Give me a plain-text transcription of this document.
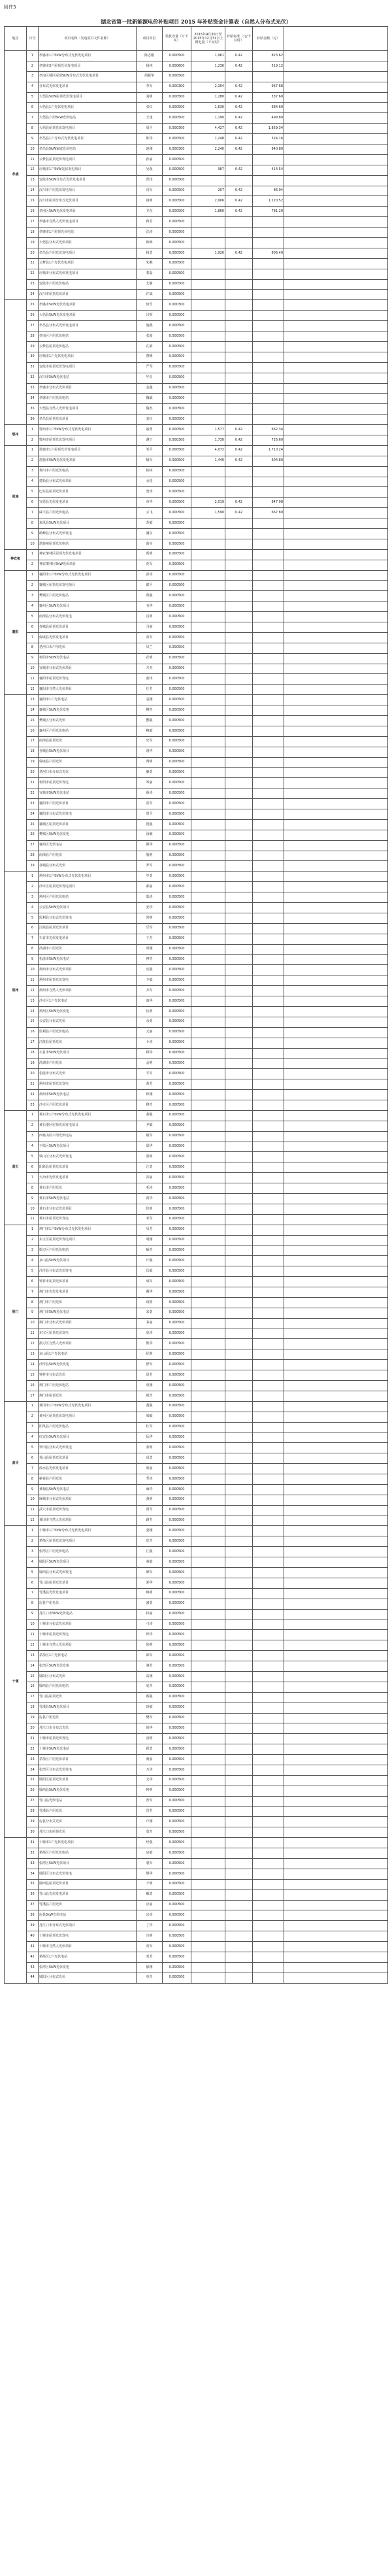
附件3
湖北省第一批新能源电价补贴项目 2015 年补贴资金计算表（自然人分布式光伏）
地区	序号	项目名称（发电项目文件名称）	项目单位	装机容量（万千瓦）	2015年4月30日至2015年12月31日上网电量（千瓦时）	补贴标准（元/千瓦时）	补贴金额（元）	
孝感	1	孝感市1户5kW分布式光伏发电项目	陈志刚	0.000500	1,961	0.42	823.62	
	2	孝感市3户屋顶光伏发电项目	杨林	0.000600	1,236	0.42	519.12	
	3	孝南区城区屋顶5kW分布式光伏发电项目	胡振华	0.000500				
	4	分布式光伏发电项目	李军	0.000300	2,304	0.42	967.68	
	5	大悟县5kW屋顶光伏发电项目	刘明	0.000500	1,280	0.42	537.60	
	6	大悟县1户光伏发电项目	张红	0.000500	1,630	0.42	684.60	
	7	大悟县户用5kW光伏电站	王建	0.000500	1,190	0.42	499.80	
	8	大悟县屋顶光伏发电项目	周平	0.000300	4,427	0.42	1,859.34	
	9	孝昌县1户分布式光伏发电项目	陈华	0.000500	1,248	0.42	524.16	
	10	孝昌县5kW家庭光伏电站	赵刚	0.000300	2,240	0.42	940.80	
	11	云梦县屋顶光伏发电项目	孙丽	0.000500				
	12	应城市1户5kW光伏发电项目	吴强	0.000500	987	0.42	414.54	
	13	安陆市5kW分布式光伏发电项目	郑伟	0.000500				
	14	汉川市户用光伏发电项目	冯军	0.000500	207	0.42	86.94	
	15	汉川市屋顶分布式光伏项目	褚明	0.000500	2,906	0.42	1,220.52	
	16	孝南区5kW光伏发电项目	卫东	0.000500	1,860	0.42	781.20	
	17	孝感市自然人光伏发电项目	蒋芳	0.000500				
	18	孝感市1户屋顶光伏电站	沈涛	0.000500				
	19	大悟县分布式光伏项目	韩梅	0.000500				
	20	孝昌县户用光伏发电项目	杨勇	0.000500	1,920	0.42	806.40	
	21	云梦县1户光伏发电项目	朱琳	0.000500				
	22	应城市分布式光伏发电项目	秦磊	0.000500				
	23	安陆市户用光伏电站	尤静	0.000500				
	24	汉川市屋顶光伏项目	许斌	0.000500				
	25	孝感市5kW光伏发电项目	何雪	0.000300				
	26	大悟县5kW光伏发电项目	吕辉	0.000500				
	27	孝昌县分布式光伏发电项目	施燕	0.000500				
	28	孝南区户用光伏电站	张超	0.000500				
	29	云梦县屋顶光伏电站	孔娟	0.000500				
	30	应城市1户光伏发电项目	曹峰	0.000500				
	31	安陆市屋顶光伏发电项目	严琴	0.000500				
	32	汉川市5kW光伏电站	华亮	0.000500				
	33	孝感市分布式光伏项目	金鑫	0.000500				
	34	孝感市户用光伏电站	魏敏	0.000500				
	35	大悟县自然人光伏发电项目	陶杰	0.000500				
	36	孝昌县屋顶光伏项目	姜红	0.000500				
鄂州	1	鄂州市1户5kW分布式光伏发电项目	戚勇	0.000500	1,577	0.42	662.34	
	2	鄂州市屋顶光伏发电项目	谢宁	0.000300	1,730	0.42	726.60	
恩施	1	恩施市1户屋顶光伏发电项目	邹平	0.000500	4,072	0.42	1,710.24	
	2	恩施市5kW光伏发电项目	喻军	0.000500	1,440	0.42	604.80	
	3	利川市户用光伏电站	柏林	0.000500				
	4	建始县分布式光伏项目	水莲	0.000500				
	5	巴东县屋顶光伏项目	窦涛	0.000500				
	6	宣恩县光伏发电项目	章华	0.000500	2,019	0.42	847.98	
	7	咸丰县户用光伏电站	云飞	0.000500	1,590	0.42	667.80	
	8	来凤县5kW光伏项目	苏敏	0.000500				
	9	鹤峰县分布式光伏发电	潘东	0.000500				
	10	恩施州屋顶光伏电站	葛亮	0.000500				
神农架	1	神农架林区屋顶光伏发电项目	奚明	0.000500				
	2	神农架林区5kW光伏项目	范军	0.000500				
襄阳	1	襄阳市1户5kW分布式光伏发电项目	彭涛	0.000500				
	2	襄城区屋顶光伏发电项目	郎平	0.000500				
	3	樊城区户用光伏电站	鲁强	0.000500				
	4	襄州区5kW光伏项目	韦华	0.000500				
	5	南漳县分布式光伏发电	昌明	0.000500				
	6	谷城县屋顶光伏项目	马丽	0.000500				
	7	保康县光伏发电项目	苗军	0.000500				
	8	老河口市户用光伏	凤兰	0.000500				
	9	枣阳市5kW光伏电站	花明	0.000500				
	10	宜城市分布式光伏项目	方杰	0.000500				
	11	襄阳市屋顶光伏发电	俞伟	0.000500				
	12	襄阳市自然人光伏项目	任芳	0.000500				
	13	襄阳市1户光伏电站	袁刚	0.000500				
	14	襄城区5kW光伏发电	柳青	0.000500				
	15	樊城区分布式光伏	酆强	0.000500				
	16	襄州区户用光伏电站	鲍敏	0.000500				
	17	南漳县屋顶光伏	史军	0.000500				
	18	谷城县5kW光伏项目	唐华	0.000500				
	19	保康县户用光伏	费明	0.000500				
	20	老河口市分布式光伏	廉勇	0.000500				
	21	枣阳市屋顶光伏发电	岑丽	0.000500				
	22	宜城市5kW光伏电站	薛涛	0.000500				
	23	襄阳市户用光伏项目	雷军	0.000500				
	24	襄阳市分布式光伏发电	贺平	0.000500				
	25	襄城区屋顶光伏项目	倪强	0.000500				
	26	樊城区5kW光伏发电	汤敏	0.000500				
	27	襄州区光伏电站	滕华	0.000500				
	28	南漳县户用光伏	殷明	0.000500				
	29	谷城县分布式光伏	罗军	0.000500				
荆州	1	荆州市1户5kW分布式光伏发电项目	毕勇	0.000500				
	2	沙市区屋顶光伏发电项目	郝丽	0.000500				
	3	荆州区户用光伏电站	邬涛	0.000500				
	4	公安县5kW光伏项目	安华	0.000500				
	5	监利县分布式光伏发电	常明	0.000500				
	6	江陵县屋顶光伏项目	乐军	0.000500				
	7	石首市光伏发电项目	于芳	0.000500				
	8	洪湖市户用光伏	时刚	0.000500				
	9	松滋市5kW光伏电站	傅青	0.000500				
	10	荆州市分布式光伏项目	皮强	0.000500				
	11	荆州市屋顶光伏发电	卞敏	0.000500				
	12	荆州市自然人光伏项目	齐军	0.000500				
	13	沙市区1户光伏电站	康华	0.000500				
	14	荆州区5kW光伏发电	伍明	0.000500				
	15	公安县分布式光伏	余勇	0.000500				
	16	监利县户用光伏电站	元丽	0.000500				
	17	江陵县屋顶光伏	卜涛	0.000500				
	18	石首市5kW光伏项目	顾华	0.000500				
	19	洪湖市户用光伏	孟明	0.000500				
	20	松滋市分布式光伏	平军	0.000500				
	21	荆州市屋顶光伏发电	黄芳	0.000500				
	22	荆州市5kW光伏电站	和刚	0.000500				
	23	沙市区户用光伏项目	穆青	0.000500				
黄石	1	黄石市1户5kW分布式光伏发电项目	萧强	0.000500				
	2	黄石港区屋顶光伏发电项目	尹敏	0.000500				
	3	西塞山区户用光伏电站	姚军	0.000500				
	4	下陆区5kW光伏项目	邵华	0.000500				
	5	铁山区分布式光伏发电	湛明	0.000500				
	6	阳新县屋顶光伏项目	汪勇	0.000500				
	7	大冶市光伏发电项目	祁丽	0.000500				
	8	黄石市户用光伏	毛涛	0.000500				
	9	黄石市5kW光伏电站	禹华	0.000500				
	10	黄石市分布式光伏项目	狄明	0.000500				
	11	黄石市屋顶光伏发电	米军	0.000500				
荆门	1	荆门市1户5kW分布式光伏发电项目	贝芳	0.000500				
	2	东宝区屋顶光伏发电项目	明刚	0.000500				
	3	掇刀区户用光伏电站	臧青	0.000500				
	4	京山县5kW光伏项目	计强	0.000500				
	5	沙洋县分布式光伏发电	伏敏	0.000500				
	6	钟祥市屋顶光伏项目	成军	0.000500				
	7	荆门市光伏发电项目	戴华	0.000500				
	8	荆门市户用光伏	谈明	0.000500				
	9	荆门市5kW光伏电站	宋勇	0.000500				
	10	荆门市分布式光伏项目	茅丽	0.000500				
	11	东宝区屋顶光伏发电	庞涛	0.000500				
	12	掇刀区自然人光伏项目	熊华	0.000500				
	13	京山县1户光伏电站	纪明	0.000500				
	14	沙洋县5kW光伏发电	舒军	0.000500				
	15	钟祥市分布式光伏	屈芳	0.000500				
	16	荆门市户用光伏电站	项刚	0.000500				
	17	荆门市屋顶光伏	祝青	0.000500				
黄冈	1	黄冈市1户5kW分布式光伏发电项目	董强	0.000500				
	2	黄州区屋顶光伏发电项目	梁敏	0.000500				
	3	团风县户用光伏电站	杜军	0.000500				
	4	红安县5kW光伏项目	阮华	0.000500				
	5	罗田县分布式光伏发电	蓝明	0.000500				
	6	英山县屋顶光伏项目	闵勇	0.000500				
	7	浠水县光伏发电项目	席丽	0.000500				
	8	蕲春县户用光伏	季涛	0.000500				
	9	黄梅县5kW光伏电站	麻华	0.000500				
	10	麻城市分布式光伏项目	强明	0.000500				
	11	武穴市屋顶光伏发电	贾军	0.000500				
	12	黄冈市自然人光伏项目	路芳	0.000500				
十堰	1	十堰市1户5kW分布式光伏发电项目	娄刚	0.000500				
	2	茅箭区屋顶光伏发电项目	危青	0.000500				
	3	张湾区户用光伏电站	江强	0.000500				
	4	郧阳区5kW光伏项目	童敏	0.000500				
	5	郧西县分布式光伏发电	颜军	0.000500				
	6	竹山县屋顶光伏项目	郭华	0.000500				
	7	竹溪县光伏发电项目	梅明	0.000500				
	8	房县户用光伏	盛勇	0.000500				
	9	丹江口市5kW光伏电站	林丽	0.000500				
	10	十堰市分布式光伏项目	刁涛	0.000500				
	11	十堰市屋顶光伏发电	钟华	0.000500				
	12	十堰市自然人光伏项目	徐明	0.000500				
	13	茅箭区1户光伏电站	邱军	0.000500				
	14	张湾区5kW光伏发电	骆芳	0.000500				
	15	郧阳区分布式光伏	高刚	0.000500				
	16	郧西县户用光伏电站	夏青	0.000500				
	17	竹山县屋顶光伏	蔡强	0.000500				
	18	竹溪县5kW光伏项目	田敏	0.000500				
	19	房县户用光伏	樊军	0.000500				
	20	丹江口市分布式光伏	胡华	0.000500				
	21	十堰市屋顶光伏发电	凌明	0.000500				
	22	十堰市5kW光伏电站	霍勇	0.000500				
	23	茅箭区户用光伏项目	虞丽	0.000500				
	24	张湾区分布式光伏发电	万涛	0.000500				
	25	郧阳区屋顶光伏项目	支华	0.000500				
	26	郧西县5kW光伏发电	柯明	0.000500				
	27	竹山县光伏电站	昝军	0.000500				
	28	竹溪县户用光伏	管芳	0.000500				
	29	房县分布式光伏	卢刚	0.000500				
	30	丹江口市屋顶光伏	莫青	0.000500				
	31	十堰市1户光伏发电项目	经强	0.000500				
	32	茅箭区户用光伏电站	房敏	0.000500				
	33	张湾区5kW光伏项目	裘军	0.000500				
	34	郧阳区分布式光伏发电	缪华	0.000500				
	35	郧西县屋顶光伏项目	干明	0.000500				
	36	竹山县光伏发电项目	解勇	0.000500				
	37	竹溪县户用光伏	应丽	0.000500				
	38	房县5kW光伏电站	宗涛	0.000500				
	39	丹江口市分布式光伏项目	丁华	0.000500				
	40	十堰市屋顶光伏发电	宣明	0.000500				
	41	十堰市自然人光伏项目	贲军	0.000500				
	42	茅箭区1户光伏电站	邓芳	0.000500				
	43	张湾区5kW光伏发电	郁刚	0.000500				
	44	郧阳区分布式光伏	单青	0.000500				
